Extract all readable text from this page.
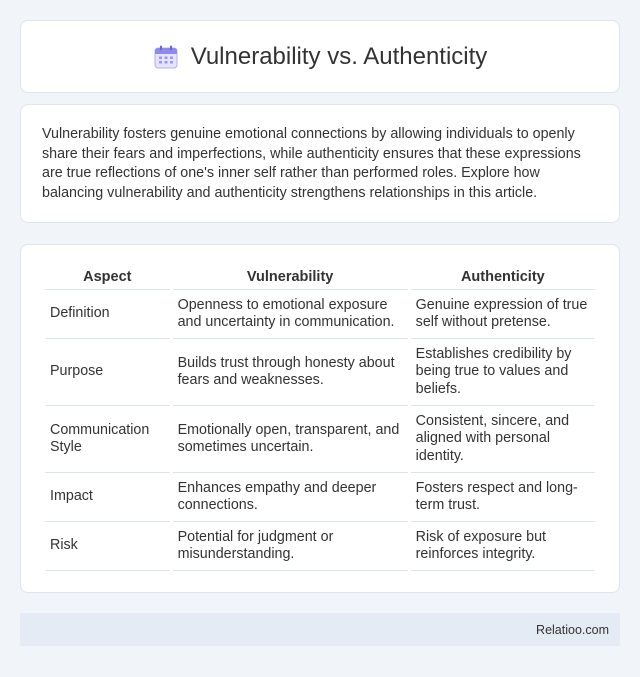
Vulnerability vs. Authenticity

Vulnerability fosters genuine emotional connections by allowing individuals to openly share their fears and imperfections, while authenticity ensures that these expressions are true reflections of one's inner self rather than performed roles. Explore how balancing vulnerability and authenticity strengthens relationships in this article.

Aspect	Vulnerability	Authenticity
Definition	Openness to emotional exposure and uncertainty in communication.	Genuine expression of true self without pretense.
Purpose	Builds trust through honesty about fears and weaknesses.	Establishes credibility by being true to values and beliefs.
Communication Style	Emotionally open, transparent, and sometimes uncertain.	Consistent, sincere, and aligned with personal identity.
Impact	Enhances empathy and deeper connections.	Fosters respect and long-term trust.
Risk	Potential for judgment or misunderstanding.	Risk of exposure but reinforces integrity.
Relatioo.com
